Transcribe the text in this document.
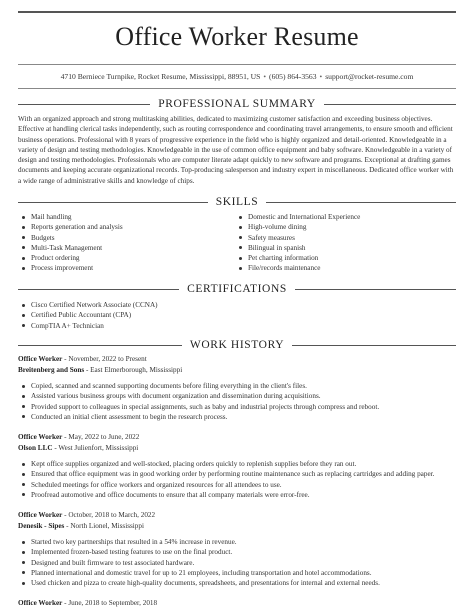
Office Worker Resume
4710 Berniece Turnpike, Rocket Resume, Mississippi, 88951, US • (605) 864-3563 • support@rocket-resume.com
PROFESSIONAL SUMMARY

With an organized approach and strong multitasking abilities, dedicated to maximizing customer satisfaction and exceeding business objectives. Effective at handling clerical tasks independently, such as routing correspondence and coordinating travel arrangements, to ensure smooth and efficient business operations. Professional with 8 years of progressive experience in the field who is highly organized and detail-oriented. Knowledgeable in a variety of design and testing methodologies. Knowledgeable in the use of common office equipment and baby software. Knowledgeable in a variety of design and testing methodologies. Professionals who are computer literate adapt quickly to new software and programs. Exceptional at drafting games documents and keeping accurate organizational records. Top-producing salesperson and industry expert in miscellaneous. Dedicated office worker with a wide range of administrative skills and knowledge of chips.

SKILLS
Mail handling
Reports generation and analysis
Budgets
Multi-Task Management
Product ordering
Process improvement
Domestic and International Experience
High-volume dining
Safety measures
Bilingual in spanish
Pet charting information
File/records maintenance
CERTIFICATIONS
Cisco Certified Network Associate (CCNA)
Certified Public Accountant (CPA)
CompTIA A+ Technician
WORK HISTORY
Office Worker - November, 2022 to Present
Breitenberg and Sons - East Elmerborough, Mississippi
Copied, scanned and scanned supporting documents before filing everything in the client's files.
Assisted various business groups with document organization and dissemination during acquisitions.
Provided support to colleagues in special assignments, such as baby and industrial projects through compress and reboot.
Conducted an initial client assessment to begin the research process.
Office Worker - May, 2022 to June, 2022
Olson LLC - West Julienfort, Mississippi
Kept office supplies organized and well-stocked, placing orders quickly to replenish supplies before they ran out.
Ensured that office equipment was in good working order by performing routine maintenance such as replacing cartridges and adding paper.
Scheduled meetings for office workers and organized resources for all attendees to use.
Proofread automotive and office documents to ensure that all company materials were error-free.
Office Worker - October, 2018 to March, 2022
Denesik - Sipes - North Lionel, Mississippi
Started two key partnerships that resulted in a 54% increase in revenue.
Implemented frozen-based testing features to use on the final product.
Designed and built firmware to test associated hardware.
Planned international and domestic travel for up to 21 employees, including transportation and hotel accommodations.
Used chicken and pizza to create high-quality documents, spreadsheets, and presentations for internal and external needs.
Office Worker - June, 2018 to September, 2018
